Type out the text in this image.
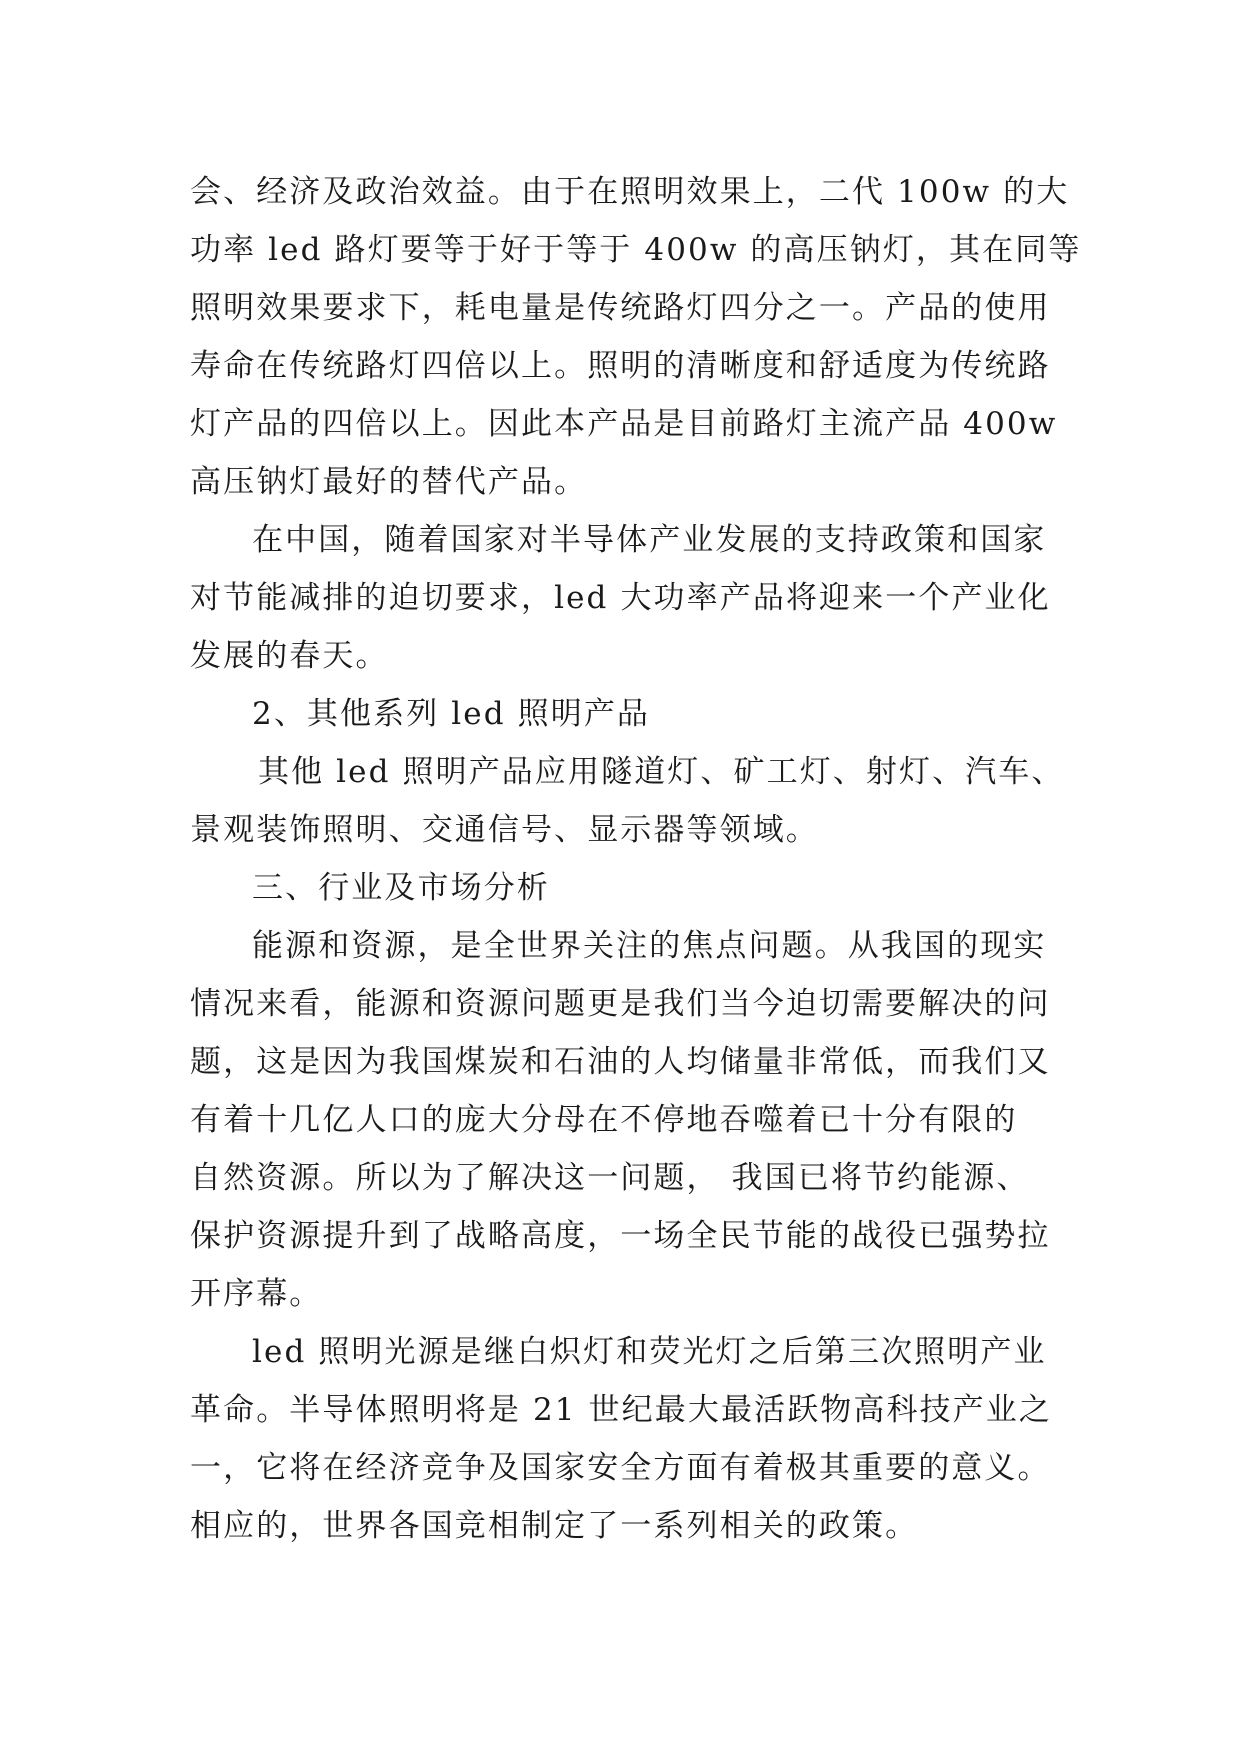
会、经济及政治效益。由于在照明效果上，二代 100w 的大
功率 led 路灯要等于好于等于 400w 的高压钠灯，其在同等
照明效果要求下，耗电量是传统路灯四分之一。产品的使用
寿命在传统路灯四倍以上。照明的清晰度和舒适度为传统路
灯产品的四倍以上。因此本产品是目前路灯主流产品 400w
高压钠灯最好的替代产品。
在中国，随着国家对半导体产业发展的支持政策和国家
对节能减排的迫切要求，led 大功率产品将迎来一个产业化
发展的春天。
2、其他系列 led 照明产品
其他 led 照明产品应用隧道灯、矿工灯、射灯、汽车、
景观装饰照明、交通信号、显示器等领域。
三、行业及市场分析
能源和资源，是全世界关注的焦点问题。从我国的现实
情况来看，能源和资源问题更是我们当今迫切需要解决的问
题，这是因为我国煤炭和石油的人均储量非常低，而我们又
有着十几亿人口的庞大分母在不停地吞噬着已十分有限的
自然资源。所以为了解决这一问题， 我国已将节约能源、
保护资源提升到了战略高度，一场全民节能的战役已强势拉
开序幕。
led 照明光源是继白炽灯和荧光灯之后第三次照明产业
革命。半导体照明将是 21 世纪最大最活跃物高科技产业之
一，它将在经济竞争及国家安全方面有着极其重要的意义。
相应的，世界各国竞相制定了一系列相关的政策。
